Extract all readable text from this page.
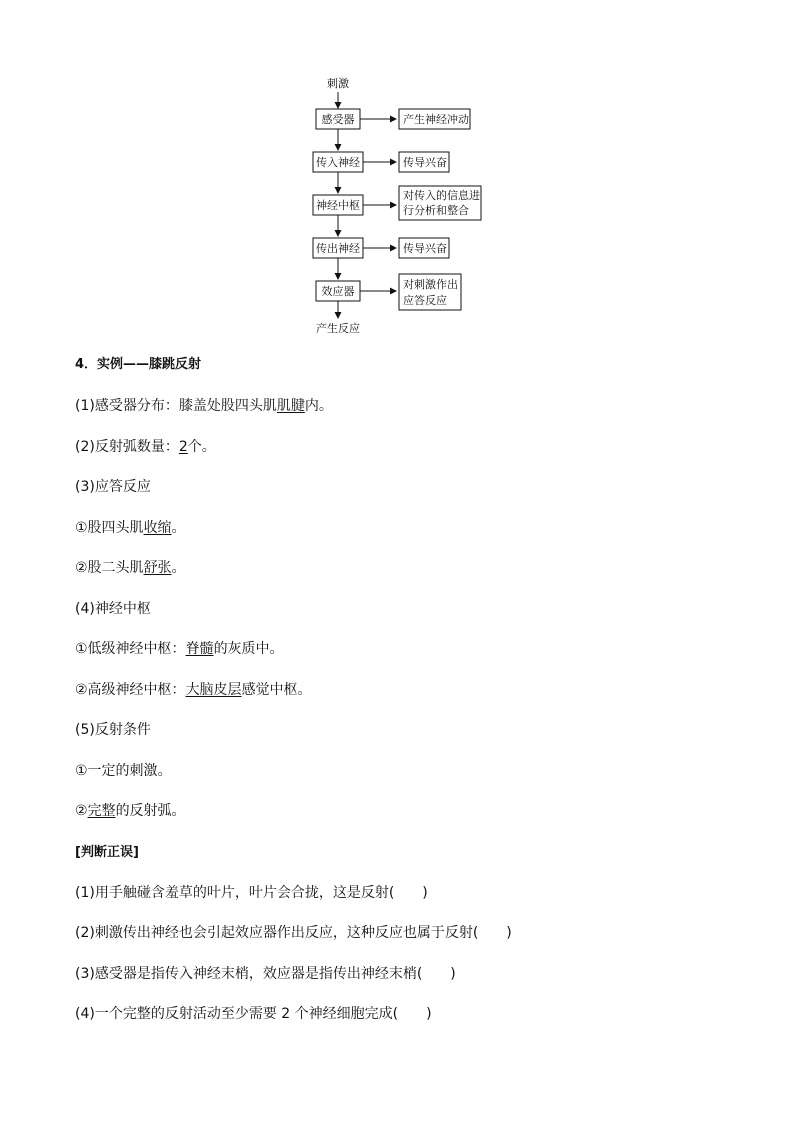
刺激
感受器	产生神经冲动
传入神经	传导兴奋
神经中枢
对传入的信息进
行分析和整合
传出神经	传导兴奋
效应器
对刺激作出
应答反应
产生反应
4．实例——膝跳反射
(1)感受器分布：膝盖处股四头肌肌腱内。
(2)反射弧数量：2个。
(3)应答反应
①股四头肌收缩。
②股二头肌舒张。
(4)神经中枢
①低级神经中枢：脊髓的灰质中。
②高级神经中枢：大脑皮层感觉中枢。
(5)反射条件
①一定的刺激。
②完整的反射弧。
[判断正误]
(1)用手触碰含羞草的叶片，叶片会合拢，这是反射(　　)
(2)刺激传出神经也会引起效应器作出反应，这种反应也属于反射(　　)
(3)感受器是指传入神经末梢，效应器是指传出神经末梢(　　)
(4)一个完整的反射活动至少需要 2 个神经细胞完成(　　)
